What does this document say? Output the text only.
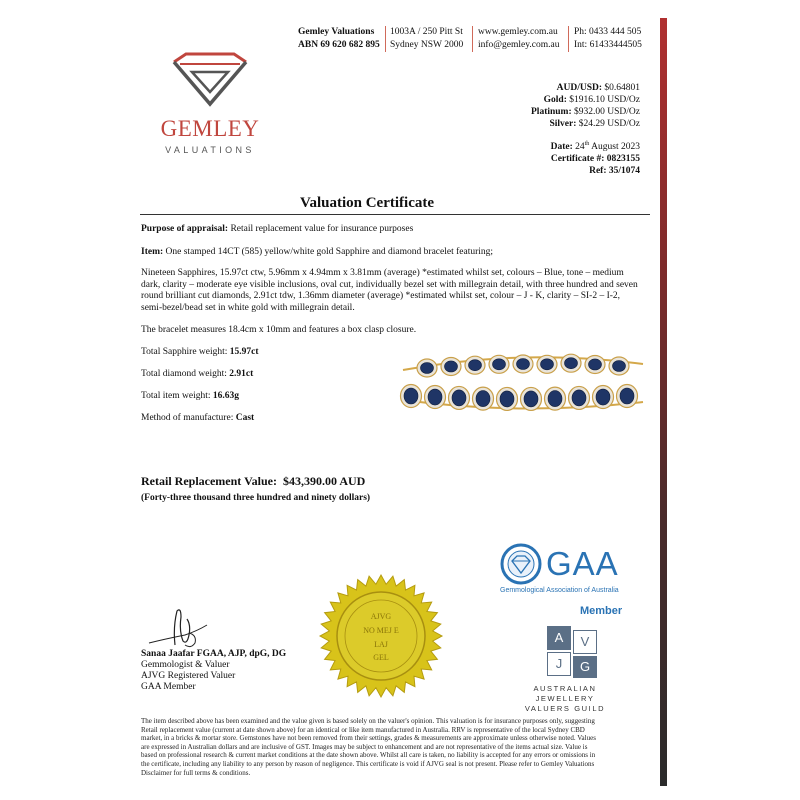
Gemley Valuations
ABN 69 620 682 895
1003A / 250 Pitt St
Sydney NSW 2000
www.gemley.com.au
info@gemley.com.au
Ph: 0433 444 505
Int: 61433444505
GEMLEY
VALUATIONS
AUD/USD: $0.64801
Gold: $1916.10 USD/Oz
Platinum: $932.00 USD/Oz
Silver: $24.29 USD/Oz
Date: 24th August 2023
Certificate #: 0823155
Ref: 35/1074
Valuation Certificate
Purpose of appraisal: Retail replacement value for insurance purposes
Item: One stamped 14CT (585) yellow/white gold Sapphire and diamond bracelet featuring;
Nineteen Sapphires, 15.97ct ctw, 5.96mm x 4.94mm x 3.81mm (average) *estimated whilst set, colours – Blue, tone – medium
dark, clarity – moderate eye visible inclusions, oval cut, individually bezel set with millegrain detail, with three hundred and seven
round brilliant cut diamonds, 2.91ct tdw, 1.36mm diameter (average) *estimated whilst set, colour – J - K, clarity – SI-2 – I-2,
semi-bezel/bead set in white gold with millegrain detail.
The bracelet measures 18.4cm x 10mm and features a box clasp closure.
Total Sapphire weight: 15.97ct
Total diamond weight: 2.91ct
Total item weight: 16.63g
Method of manufacture: Cast
Retail Replacement Value: $43,390.00 AUD
(Forty-three thousand three hundred and ninety dollars)
AJVG
NO MEJ E
LAJ
GEL
Sanaa Jaafar FGAA, AJP, dpG, DG
Gemmologist & Valuer
AJVG Registered Valuer
GAA Member
GAA
Gemmological Association of Australia
Member
A	V
J	G
AUSTRALIAN JEWELLERY
VALUERS GUILD
The item described above has been examined and the value given is based solely on the valuer's opinion. This valuation is for insurance purposes only, suggesting
Retail replacement value (current at date shown above) for an identical or like item manufactured in Australia. RRV is representative of the local Sydney CBD
market, in a bricks & mortar store. Gemstones have not been removed from their settings, grades & measurements are approximate unless otherwise noted. Values
are expressed in Australian dollars and are inclusive of GST. Images may be subject to enhancement and are not representative of the items actual size. Value is
based on professional research & current market conditions at the date shown above. Whilst all care is taken, no liability is accepted for any errors or omissions in
the certificate, including any liability to any person by reason of negligence. This certificate is void if AJVG seal is not present. Please refer to Gemley Valuations
Disclaimer for full terms & conditions.
